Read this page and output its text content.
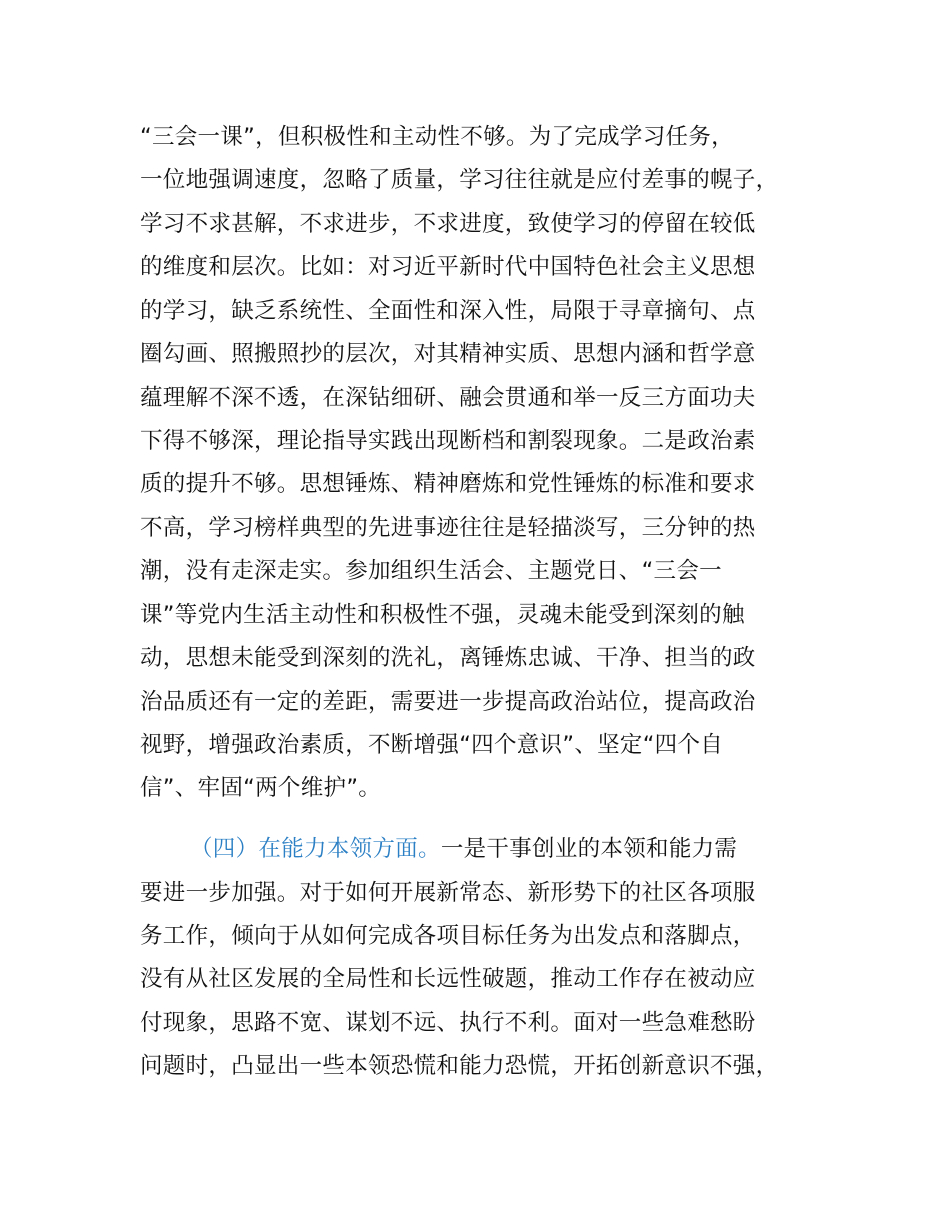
“三会一课”，但积极性和主动性不够。为了完成学习任务，
一位地强调速度，忽略了质量，学习往往就是应付差事的幌子，
学习不求甚解，不求进步，不求进度，致使学习的停留在较低
的维度和层次。比如：对习近平新时代中国特色社会主义思想
的学习，缺乏系统性、全面性和深入性，局限于寻章摘句、点
圈勾画、照搬照抄的层次，对其精神实质、思想内涵和哲学意
蕴理解不深不透，在深钻细研、融会贯通和举一反三方面功夫
下得不够深，理论指导实践出现断档和割裂现象。二是政治素
质的提升不够。思想锤炼、精神磨炼和党性锤炼的标准和要求
不高，学习榜样典型的先进事迹往往是轻描淡写，三分钟的热
潮，没有走深走实。参加组织生活会、主题党日、“三会一
课”等党内生活主动性和积极性不强，灵魂未能受到深刻的触
动，思想未能受到深刻的洗礼，离锤炼忠诚、干净、担当的政
治品质还有一定的差距，需要进一步提高政治站位，提高政治
视野，增强政治素质，不断增强“四个意识”、坚定“四个自
信”、牢固“两个维护”。
（四）在能力本领方面。一是干事创业的本领和能力需
要进一步加强。对于如何开展新常态、新形势下的社区各项服
务工作，倾向于从如何完成各项目标任务为出发点和落脚点，
没有从社区发展的全局性和长远性破题，推动工作存在被动应
付现象，思路不宽、谋划不远、执行不利。面对一些急难愁盼
问题时，凸显出一些本领恐慌和能力恐慌，开拓创新意识不强，
